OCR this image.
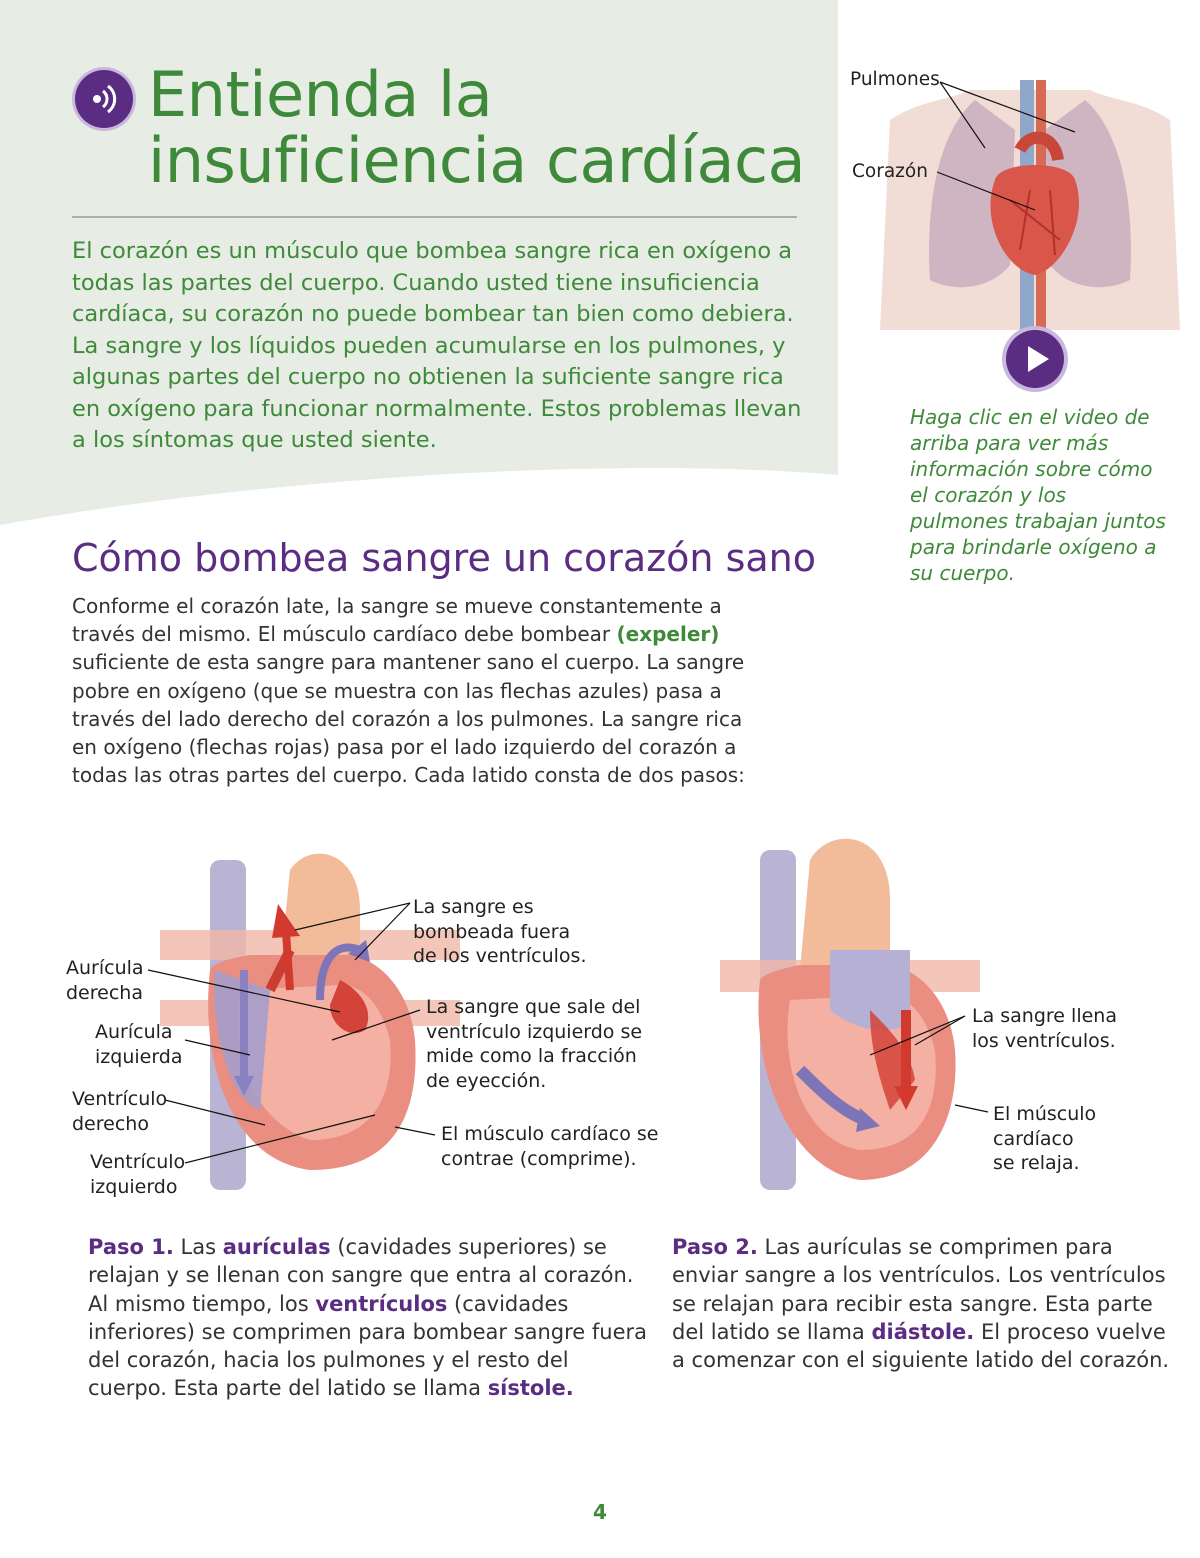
Entienda la insuficiencia cardíaca

El corazón es un músculo que bombea sangre rica en oxígeno a todas las partes del cuerpo. Cuando usted tiene insuficiencia cardíaca, su corazón no puede bombear tan bien como debiera. La sangre y los líquidos pueden acumularse en los pulmones, y algunas partes del cuerpo no obtienen la suficiente sangre rica en oxígeno para funcionar normalmente. Estos problemas llevan a los síntomas que usted siente.

Pulmones
Corazón

Haga clic en el video de arriba para ver más información sobre cómo el corazón y los pulmones trabajan juntos para brindarle oxígeno a su cuerpo.

Cómo bombea sangre un corazón sano

Conforme el corazón late, la sangre se mueve constantemente a través del mismo. El músculo cardíaco debe bombear (expeler) suficiente de esta sangre para mantener sano el cuerpo. La sangre pobre en oxígeno (que se muestra con las flechas azules) pasa a través del lado derecho del corazón a los pulmones. La sangre rica en oxígeno (flechas rojas) pasa por el lado izquierdo del corazón a todas las otras partes del cuerpo. Cada latido consta de dos pasos:

Aurícula
derecha
Aurícula
izquierda
Ventrículo
derecho
Ventrículo
izquierdo
La sangre es
bombeada fuera
de los ventrículos.
La sangre que sale del
ventrículo izquierdo se
mide como la fracción
de eyección.
El músculo cardíaco se
contrae (comprime).
La sangre llena
los ventrículos.
El músculo
cardíaco
se relaja.

Paso 1. Las aurículas (cavidades superiores) se relajan y se llenan con sangre que entra al corazón. Al mismo tiempo, los ventrículos (cavidades inferiores) se comprimen para bombear sangre fuera del corazón, hacia los pulmones y el resto del cuerpo. Esta parte del latido se llama sístole.

Paso 2. Las aurículas se comprimen para enviar sangre a los ventrículos. Los ventrículos se relajan para recibir esta sangre. Esta parte del latido se llama diástole. El proceso vuelve a comenzar con el siguiente latido del corazón.

4
